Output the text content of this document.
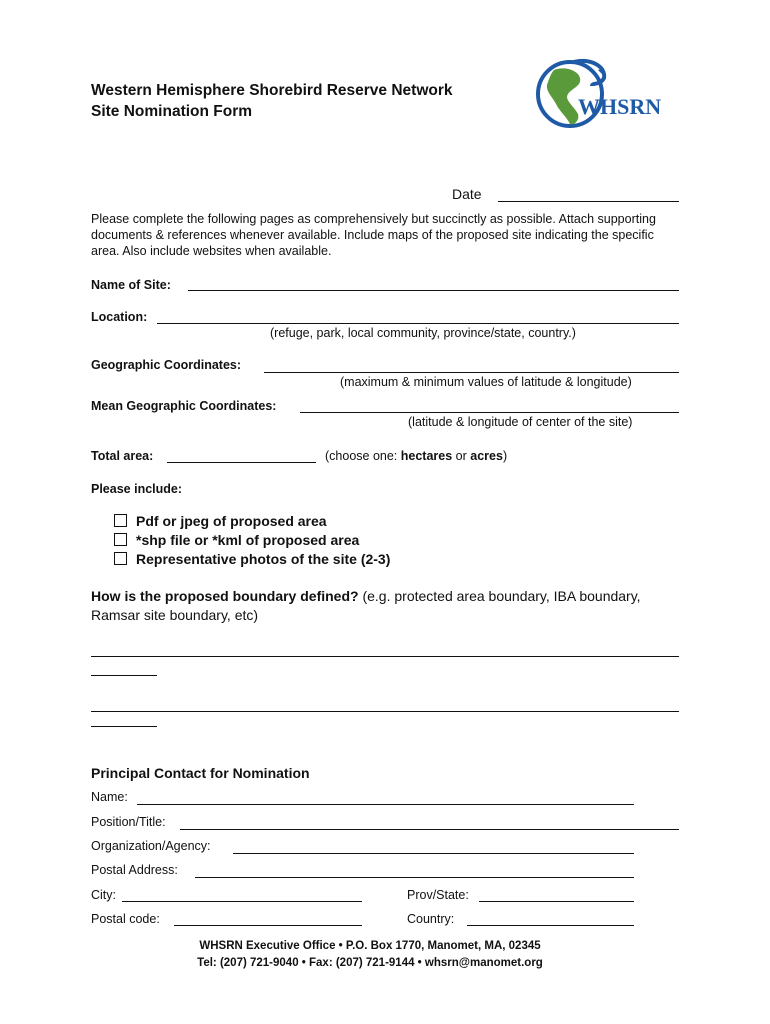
Western Hemisphere Shorebird Reserve Network
Site Nomination Form	WHSRN
Date
Please complete the following pages as comprehensively but succinctly as possible. Attach supporting documents & references whenever available. Include maps of the proposed site indicating the specific area. Also include websites when available.
Name of Site:
Location:
(refuge, park, local community, province/state, country.)
Geographic Coordinates:
(maximum & minimum values of latitude & longitude)
Mean Geographic Coordinates:
(latitude & longitude of center of the site)
Total area:	(choose one: hectares or acres)
Please include:
Pdf or jpeg of proposed area
*shp file or *kml of proposed area
Representative photos of the site (2-3)
How is the proposed boundary defined? (e.g. protected area boundary, IBA boundary, Ramsar site boundary, etc)
Principal Contact for Nomination
Name:
Position/Title:
Organization/Agency:
Postal Address:
City:	Prov/State:
Postal code:	Country:
WHSRN Executive Office • P.O. Box 1770, Manomet, MA, 02345
Tel: (207) 721-9040 • Fax: (207) 721-9144 • whsrn@manomet.org
